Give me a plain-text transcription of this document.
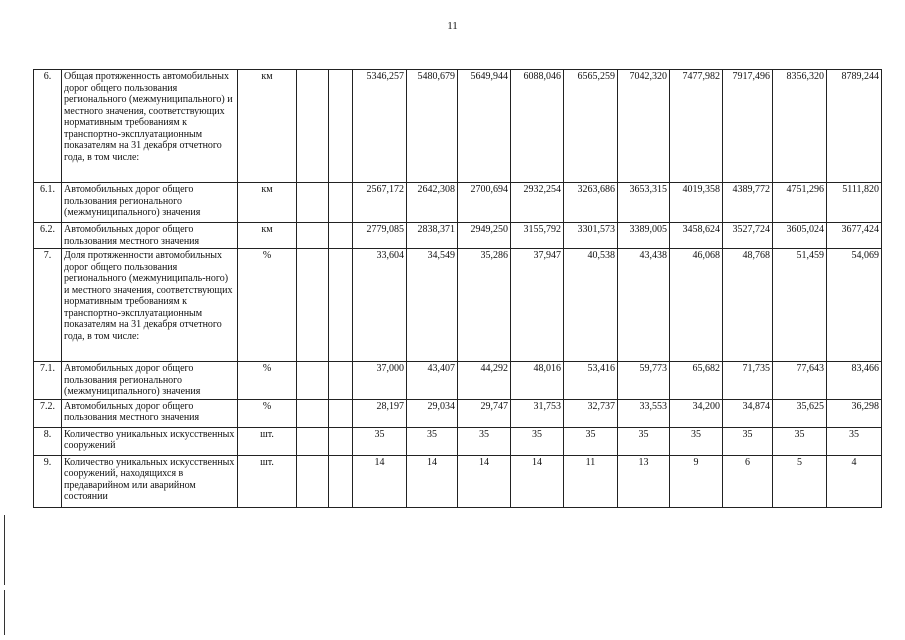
11
6.	Общая протяженность автомобильных дорог общего пользования регионального (межмуниципального) и местного значения, соответствующих нормативным требованиям к транспортно-эксплуатационным показателям на 31 декабря отчетного года, в том числе:	км			5346,257	5480,679	5649,944	6088,046	6565,259	7042,320	7477,982	7917,496	8356,320	8789,244
6.1.	Автомобильных дорог общего пользования регионального (межмуниципального) значения	км			2567,172	2642,308	2700,694	2932,254	3263,686	3653,315	4019,358	4389,772	4751,296	5111,820
6.2.	Автомобильных дорог общего пользования местного значения	км			2779,085	2838,371	2949,250	3155,792	3301,573	3389,005	3458,624	3527,724	3605,024	3677,424
7.	Доля протяженности автомобильных дорог общего пользования регионального (межмуниципаль-ного) и местного значения, соответствующих нормативным требованиям к транспортно-эксплуатационным показателям на 31 декабря отчетного года, в том числе:	%			33,604	34,549	35,286	37,947	40,538	43,438	46,068	48,768	51,459	54,069
7.1.	Автомобильных дорог общего пользования регионального (межмуниципального) значения	%			37,000	43,407	44,292	48,016	53,416	59,773	65,682	71,735	77,643	83,466
7.2.	Автомобильных дорог общего пользования местного значения	%			28,197	29,034	29,747	31,753	32,737	33,553	34,200	34,874	35,625	36,298
8.	Количество уникальных искусственных сооружений	шт.			35	35	35	35	35	35	35	35	35	35
9.	Количество уникальных искусственных сооружений, находящихся в предаварийном или аварийном состоянии	шт.			14	14	14	14	11	13	9	6	5	4
